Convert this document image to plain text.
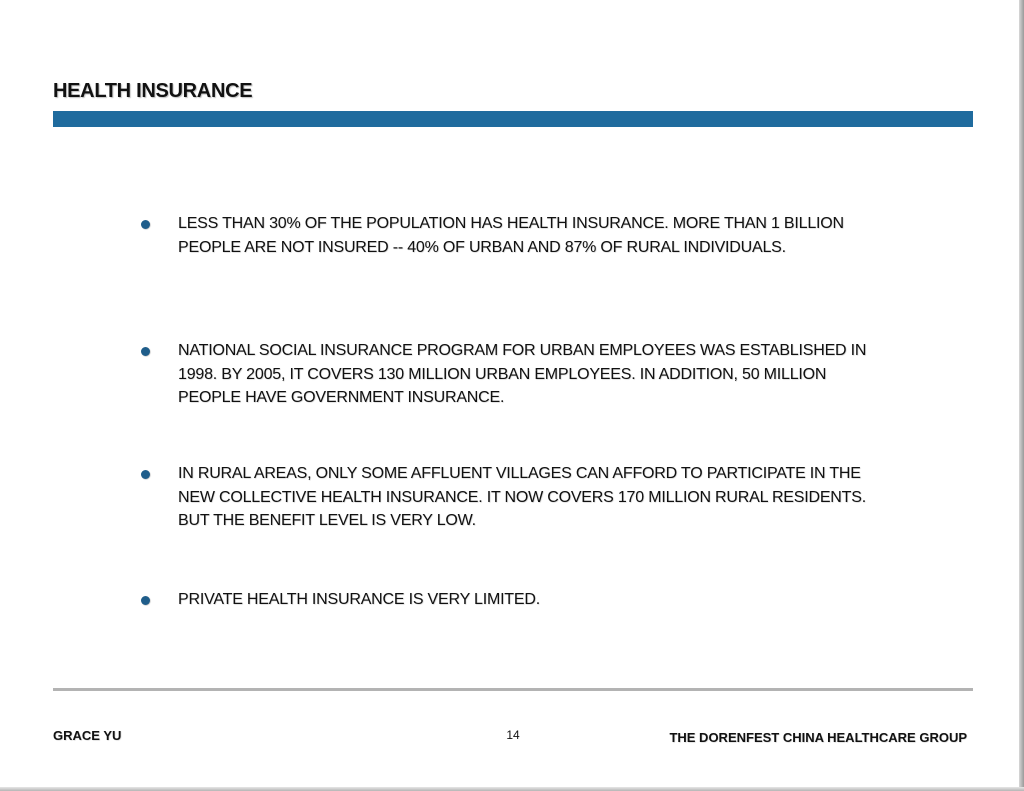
HEALTH INSURANCE
LESS THAN 30% OF THE POPULATION HAS HEALTH INSURANCE. MORE THAN 1 BILLION PEOPLE ARE NOT INSURED -- 40% OF URBAN AND 87% OF RURAL INDIVIDUALS.
NATIONAL SOCIAL INSURANCE PROGRAM FOR URBAN EMPLOYEES WAS ESTABLISHED IN 1998. BY 2005, IT COVERS 130 MILLION URBAN EMPLOYEES. IN ADDITION, 50 MILLION PEOPLE HAVE GOVERNMENT INSURANCE.
IN RURAL AREAS, ONLY SOME AFFLUENT VILLAGES CAN AFFORD TO PARTICIPATE IN THE NEW COLLECTIVE HEALTH INSURANCE. IT NOW COVERS 170 MILLION RURAL RESIDENTS. BUT THE BENEFIT LEVEL IS VERY LOW.
PRIVATE HEALTH INSURANCE IS VERY LIMITED.
GRACE YU	14	THE DORENFEST CHINA HEALTHCARE GROUP
